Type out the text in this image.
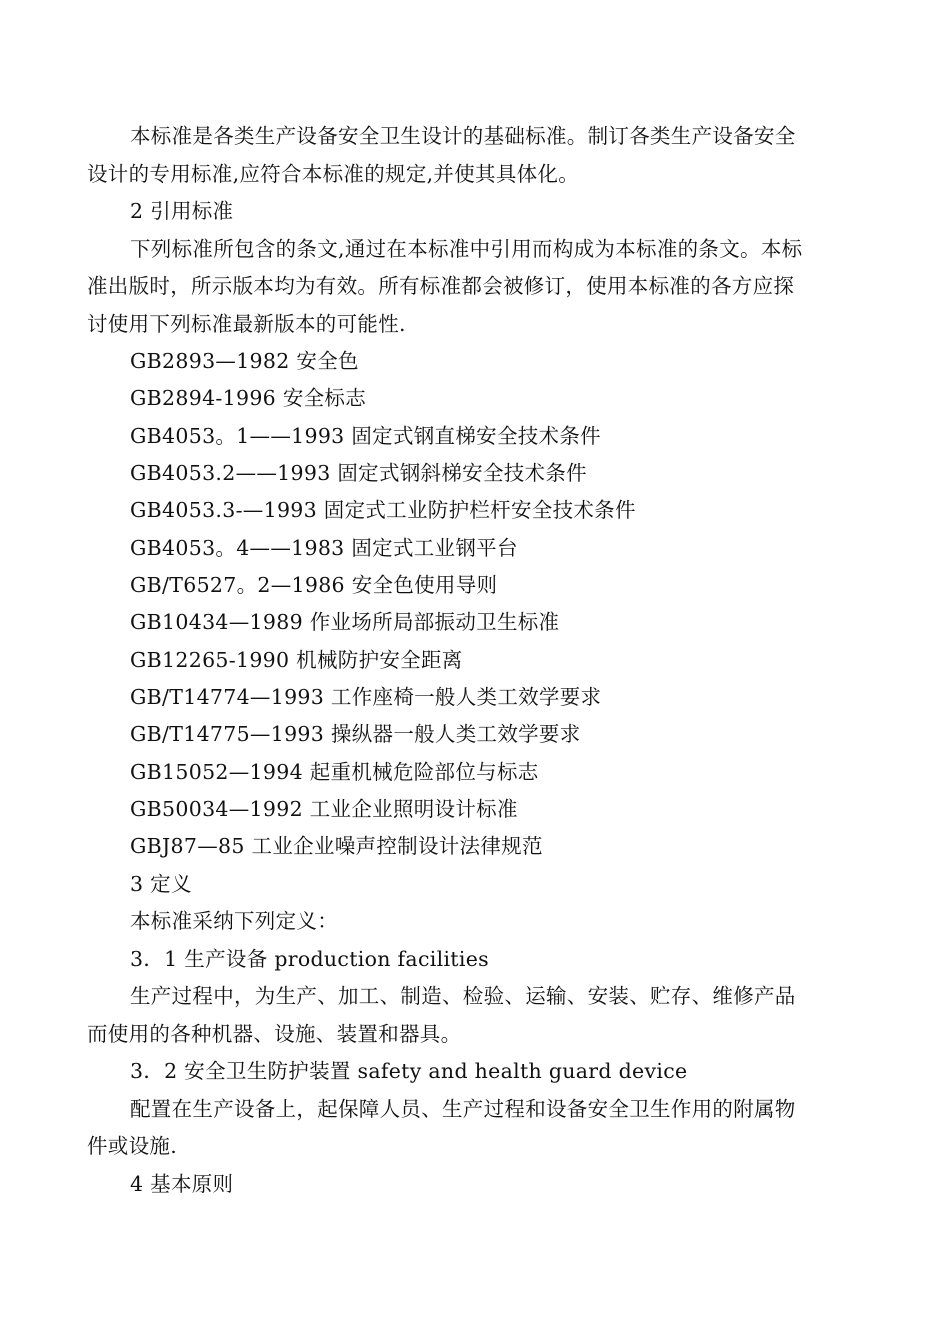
本标准是各类生产设备安全卫生设计的基础标准。制订各类生产设备安全
设计的专用标准,应符合本标准的规定,并使其具体化。
2 引用标准
下列标准所包含的条文,通过在本标准中引用而构成为本标准的条文。本标
准出版时，所示版本均为有效。所有标准都会被修订，使用本标准的各方应探
讨使用下列标准最新版本的可能性.
GB2893—1982 安全色
GB2894-1996 安全标志
GB4053。1——1993 固定式钢直梯安全技术条件
GB4053.2——1993 固定式钢斜梯安全技术条件
GB4053.3-—1993 固定式工业防护栏杆安全技术条件
GB4053。4——1983 固定式工业钢平台
GB/T6527。2—1986 安全色使用导则
GB10434—1989 作业场所局部振动卫生标准
GB12265-1990 机械防护安全距离
GB/T14774—1993 工作座椅一般人类工效学要求
GB/T14775—1993 操纵器一般人类工效学要求
GB15052—1994 起重机械危险部位与标志
GB50034—1992 工业企业照明设计标准
GBJ87—85 工业企业噪声控制设计法律规范
3 定义
本标准采纳下列定义：
3．1 生产设备 production facilities
生产过程中，为生产、加工、制造、检验、运输、安装、贮存、维修产品
而使用的各种机器、设施、装置和器具。
3．2 安全卫生防护装置 safety and health guard device
配置在生产设备上，起保障人员、生产过程和设备安全卫生作用的附属物
件或设施.
4 基本原则
